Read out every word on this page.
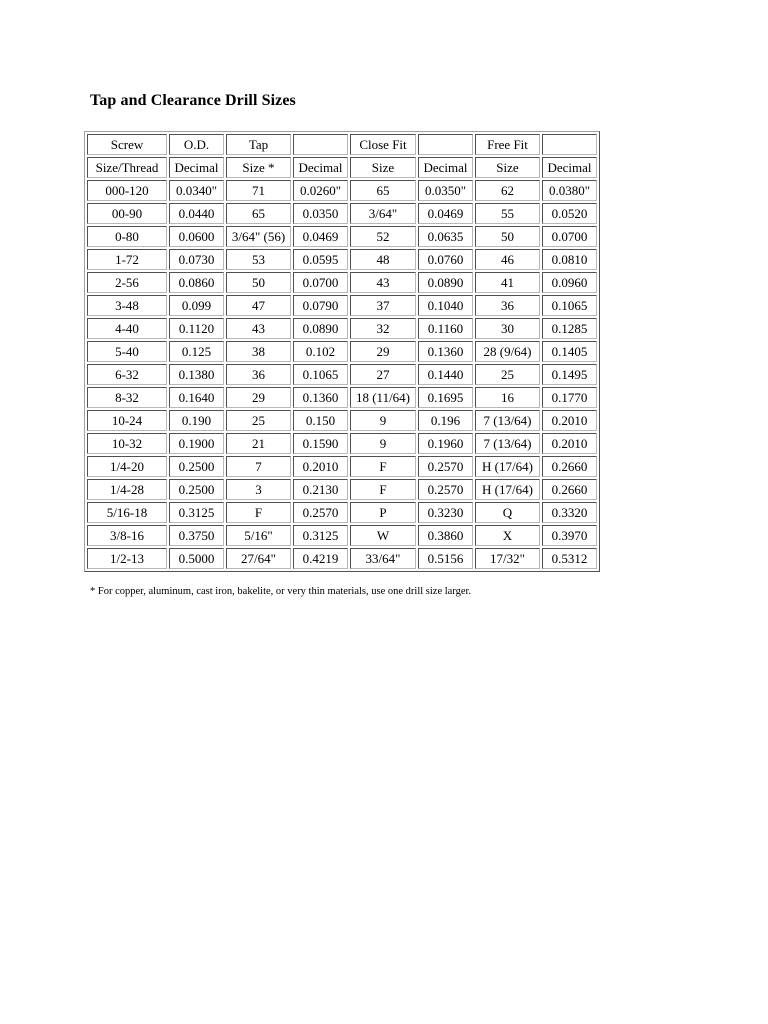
Tap and Clearance Drill Sizes
Screw	O.D.	Tap		Close Fit		Free Fit	
Size/Thread	Decimal	Size *	Decimal	Size	Decimal	Size	Decimal
000-120	0.0340"	71	0.0260"	65	0.0350"	62	0.0380"
00-90	0.0440	65	0.0350	3/64"	0.0469	55	0.0520
0-80	0.0600	3/64" (56)	0.0469	52	0.0635	50	0.0700
1-72	0.0730	53	0.0595	48	0.0760	46	0.0810
2-56	0.0860	50	0.0700	43	0.0890	41	0.0960
3-48	0.099	47	0.0790	37	0.1040	36	0.1065
4-40	0.1120	43	0.0890	32	0.1160	30	0.1285
5-40	0.125	38	0.102	29	0.1360	28 (9/64)	0.1405
6-32	0.1380	36	0.1065	27	0.1440	25	0.1495
8-32	0.1640	29	0.1360	18 (11/64)	0.1695	16	0.1770
10-24	0.190	25	0.150	9	0.196	7 (13/64)	0.2010
10-32	0.1900	21	0.1590	9	0.1960	7 (13/64)	0.2010
1/4-20	0.2500	7	0.2010	F	0.2570	H (17/64)	0.2660
1/4-28	0.2500	3	0.2130	F	0.2570	H (17/64)	0.2660
5/16-18	0.3125	F	0.2570	P	0.3230	Q	0.3320
3/8-16	0.3750	5/16"	0.3125	W	0.3860	X	0.3970
1/2-13	0.5000	27/64"	0.4219	33/64"	0.5156	17/32"	0.5312

* For copper, aluminum, cast iron, bakelite, or very thin materials, use one drill size larger.
